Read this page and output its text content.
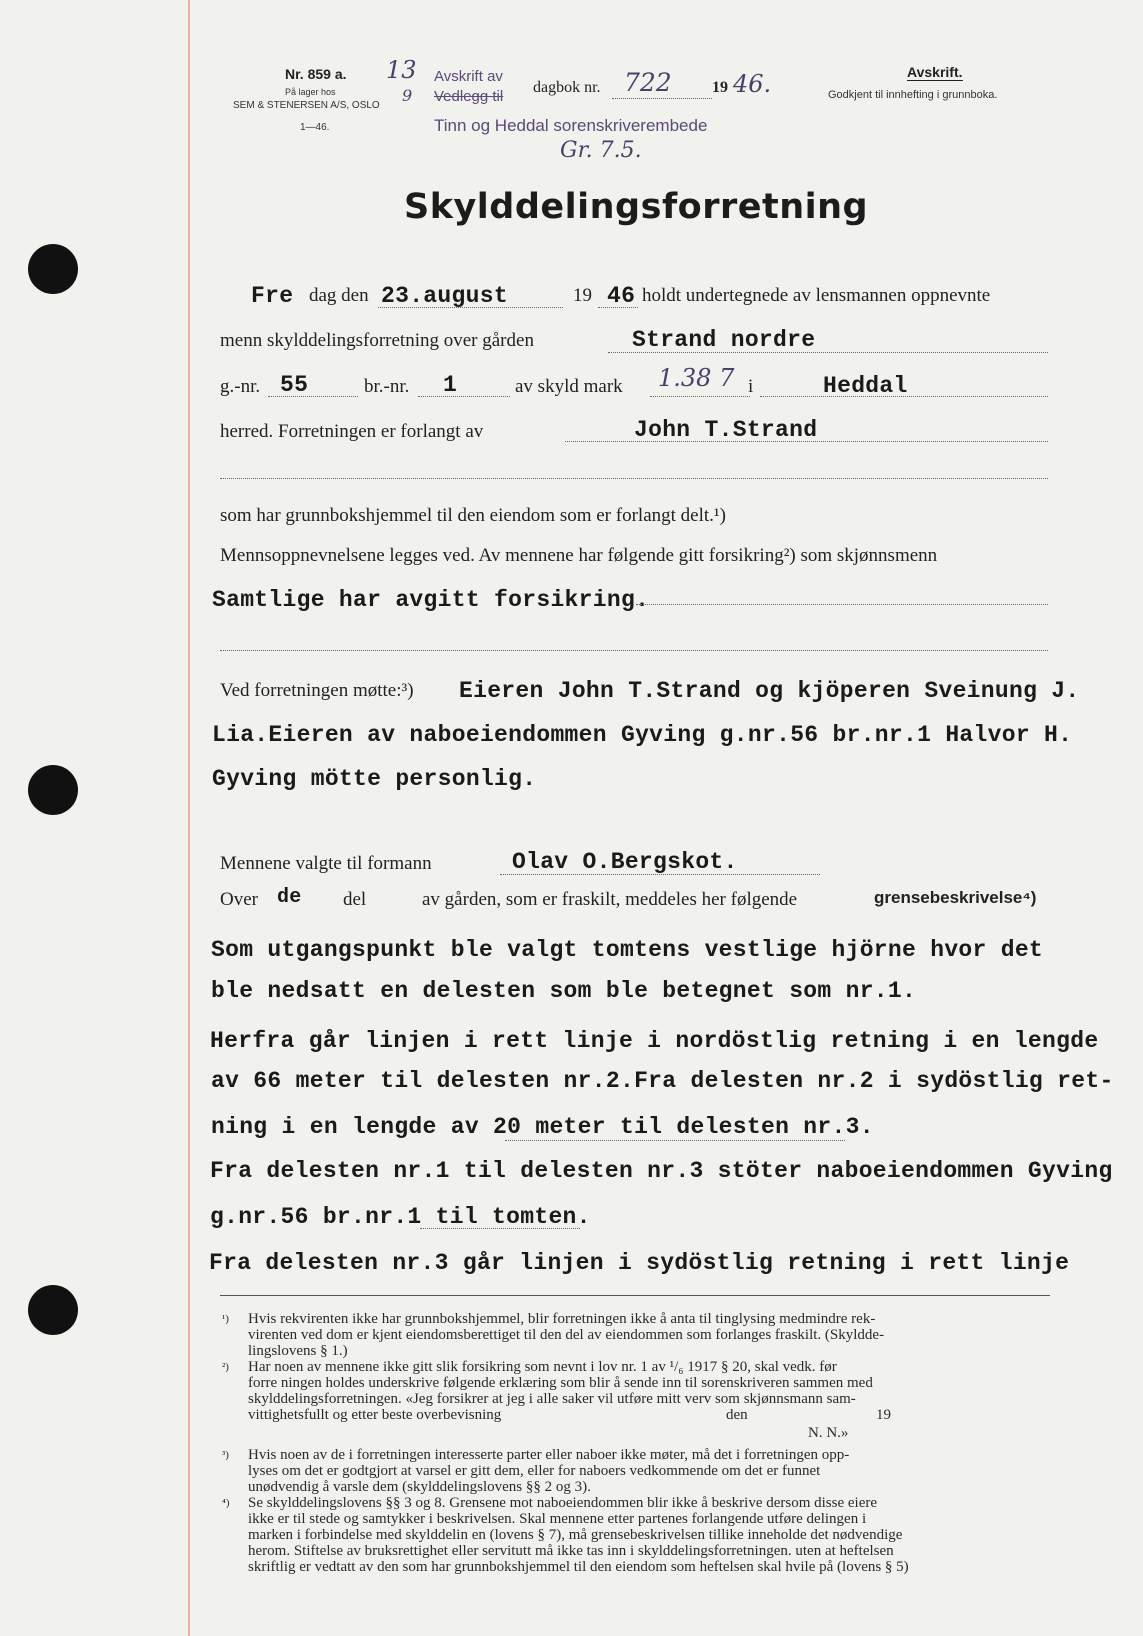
Nr. 859 a.
På lager hos
SEM & STENERSEN A/S, OSLO
1—46.
13
9
Avskrift av
Vedlegg til
Tinn og Heddal sorenskriverembede
Gr. 7.5.
dagbok nr. 722	19 46.	Avskrift.
Godkjent til innhefting i grunnboka.
Skylddelingsforretning
Fre dag den 23.august	19 46 holdt undertegnede av lensmannen oppnevnte
menn skylddelingsforretning over gården	Strand nordre
g.-nr. 55	br.-nr. 1	av skyld mark 1.38 7 i	Heddal
herred. Forretningen er forlangt av	John T.Strand
som har grunnbokshjemmel til den eiendom som er forlangt delt.¹)
Mennsoppnevnelsene legges ved. Av mennene har følgende gitt forsikring²) som skjønnsmenn
Samtlige har avgitt forsikring.
Ved forretningen møtte:³) Eieren John T.Strand og kjöperen Sveinung J.
Lia.Eieren av naboeiendommen Gyving g.nr.56 br.nr.1 Halvor H.
Gyving mötte personlig.
Mennene valgte til formann	Olav O.Bergskot.
Over de del	av gården, som er fraskilt, meddeles her følgende	grensebeskrivelse⁴)
Som utgangspunkt ble valgt tomtens vestlige hjörne hvor det
ble nedsatt en delesten som ble betegnet som nr.1.
Herfra går linjen i rett linje i nordöstlig retning i en lengde
av 66 meter til delesten nr.2.Fra delesten nr.2 i sydöstlig ret-
ning i en lengde av 20 meter til delesten nr.3.
Fra delesten nr.1 til delesten nr.3 stöter naboeiendommen Gyving
g.nr.56 br.nr.1 til tomten.
Fra delesten nr.3 går linjen i sydöstlig retning i rett linje
¹) Hvis rekvirenten ikke har grunnbokshjemmel, blir forretningen ikke å anta til tinglysing medmindre rek-
virenten ved dom er kjent eiendomsberettiget til den del av eiendommen som forlanges fraskilt. (Skyldde-
lingslovens § 1.)
²) Har noen av mennene ikke gitt slik forsikring som nevnt i lov nr. 1 av ¹/₆ 1917 § 20, skal vedk. før
forre ningen holdes underskrive følgende erklæring som blir å sende inn til sorenskriveren sammen med
skylddelingsforretningen. «Jeg forsikrer at jeg i alle saker vil utføre mitt verv som skjønnsmann sam-
vittighetsfullt og etter beste overbevisning	den	19
N. N.»
³) Hvis noen av de i forretningen interesserte parter eller naboer ikke møter, må det i forretningen opp-
lyses om det er godtgjort at varsel er gitt dem, eller for naboers vedkommende om det er funnet
unødvendig å varsle dem (skylddelingslovens §§ 2 og 3).
⁴) Se skylddelingslovens §§ 3 og 8. Grensene mot naboeiendommen blir ikke å beskrive dersom disse eiere
ikke er til stede og samtykker i beskrivelsen. Skal mennene etter partenes forlangende utføre delingen i
marken i forbindelse med skylddelin en (lovens § 7), må grensebeskrivelsen tillike inneholde det nødvendige
herom. Stiftelse av bruksrettighet eller servitutt må ikke tas inn i skylddelingsforretningen. uten at heftelsen
skriftlig er vedtatt av den som har grunnbokshjemmel til den eiendom som heftelsen skal hvile på (lovens § 5)
